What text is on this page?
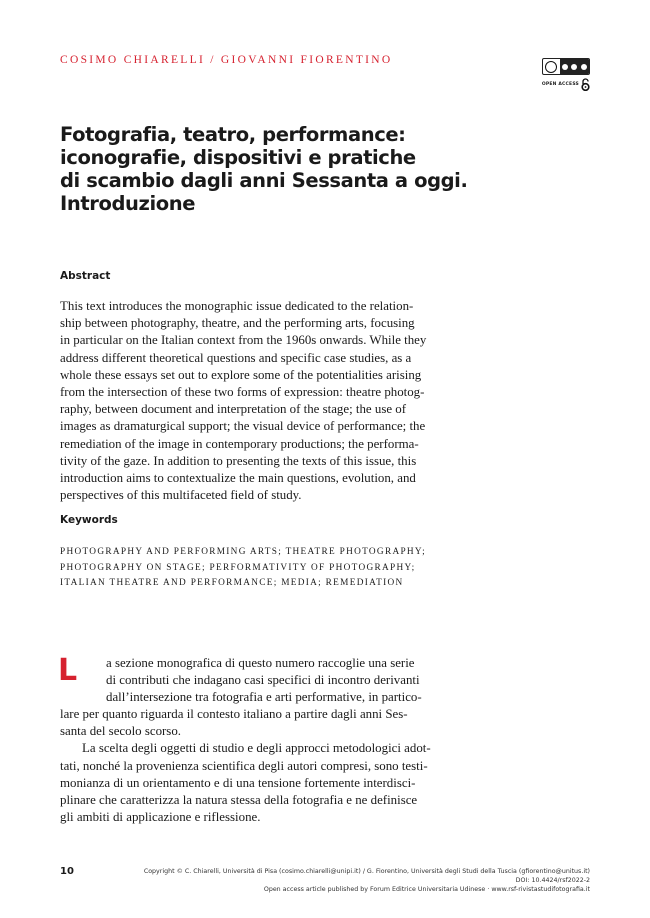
COSIMO CHIARELLI / GIOVANNI FIORENTINO
OPEN ACCESS
Fotografia, teatro, performance:
iconografie, dispositivi e pratiche
di scambio dagli anni Sessanta a oggi.
Introduzione
Abstract
This text introduces the monographic issue dedicated to the relation-
ship between photography, theatre, and the performing arts, focusing
in particular on the Italian context from the 1960s onwards. While they
address different theoretical questions and specific case studies, as a
whole these essays set out to explore some of the potentialities arising
from the intersection of these two forms of expression: theatre photog-
raphy, between document and interpretation of the stage; the use of
images as dramaturgical support; the visual device of performance; the
remediation of the image in contemporary productions; the performa-
tivity of the gaze. In addition to presenting the texts of this issue, this
introduction aims to contextualize the main questions, evolution, and
perspectives of this multifaceted field of study.
Keywords
PHOTOGRAPHY AND PERFORMING ARTS; THEATRE PHOTOGRAPHY;
PHOTOGRAPHY ON STAGE; PERFORMATIVITY OF PHOTOGRAPHY;
ITALIAN THEATRE AND PERFORMANCE; MEDIA; REMEDIATION
L	a sezione monografica di questo numero raccoglie una serie
di contributi che indagano casi specifici di incontro derivanti
dall’intersezione tra fotografia e arti performative, in partico-
lare per quanto riguarda il contesto italiano a partire dagli anni Ses-
santa del secolo scorso.
La scelta degli oggetti di studio e degli approcci metodologici adot-
tati, nonché la provenienza scientifica degli autori compresi, sono testi-
monianza di un orientamento e di una tensione fortemente interdisci-
plinare che caratterizza la natura stessa della fotografia e ne definisce
gli ambiti di applicazione e riflessione.
10	Copyright © C. Chiarelli, Università di Pisa (cosimo.chiarelli@unipi.it) / G. Fiorentino, Università degli Studi della Tuscia (gfiorentino@unitus.it)
DOI: 10.4424/rsf2022-2
Open access article published by Forum Editrice Universitaria Udinese · www.rsf-rivistastudifotografia.it
